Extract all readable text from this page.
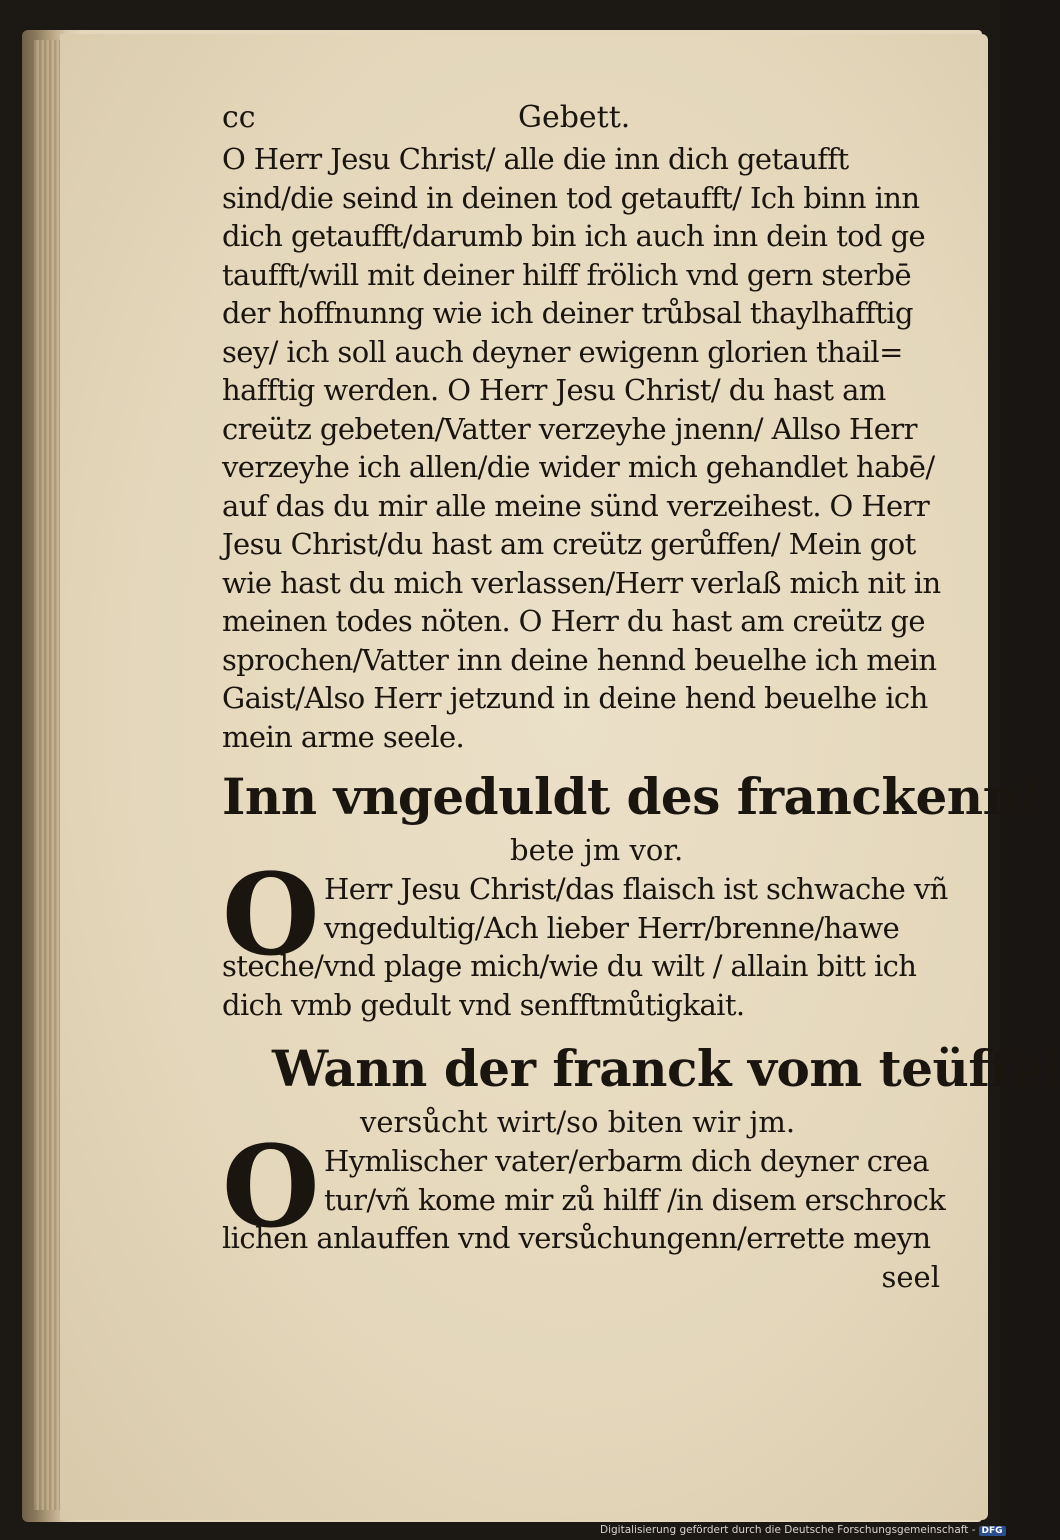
cc	Gebett.
O Herr Jesu Christ/ alle die inn dich getaufft
sind/die seind in deinen tod getaufft/ Ich binn inn
dich getaufft/darumb bin ich auch inn dein tod ge
taufft/will mit deiner hilff frölich vnd gern sterbē
der hoffnunng wie ich deiner trůbsal thaylhafftig
sey/ ich soll auch deyner ewigenn glorien thail=
hafftig werden. O Herr Jesu Christ/ du hast am
creütz gebeten/Vatter verzeyhe jnenn/ Allso Herr
verzeyhe ich allen/die wider mich gehandlet habē/
auf das du mir alle meine sünd verzeihest. O Herr
Jesu Christ/du hast am creütz gerůffen/ Mein got
wie hast du mich verlassen/Herr verlaß mich nit in
meinen todes nöten. O Herr du hast am creütz ge
sprochen/Vatter inn deine hennd beuelhe ich mein
Gaist/Also Herr jetzund in deine hend beuelhe ich
mein arme seele.
Inn vngeduldt des franckenn/
bete jm vor.
O Herr Jesu Christ/das flaisch ist schwache vñ
vngedultig/Ach lieber Herr/brenne/hawe
steche/vnd plage mich/wie du wilt / allain bitt ich
dich vmb gedult vnd senfftmůtigkait.
Wann der franck vom teüffel
versůcht wirt/so biten wir jm.
O Hymlischer vater/erbarm dich deyner crea
tur/vñ kome mir zů hilff /in disem erschrock
lichen anlauffen vnd versůchungenn/errette meyn
seel
Digitalisierung gefördert durch die Deutsche Forschungsgemeinschaft - DFG
